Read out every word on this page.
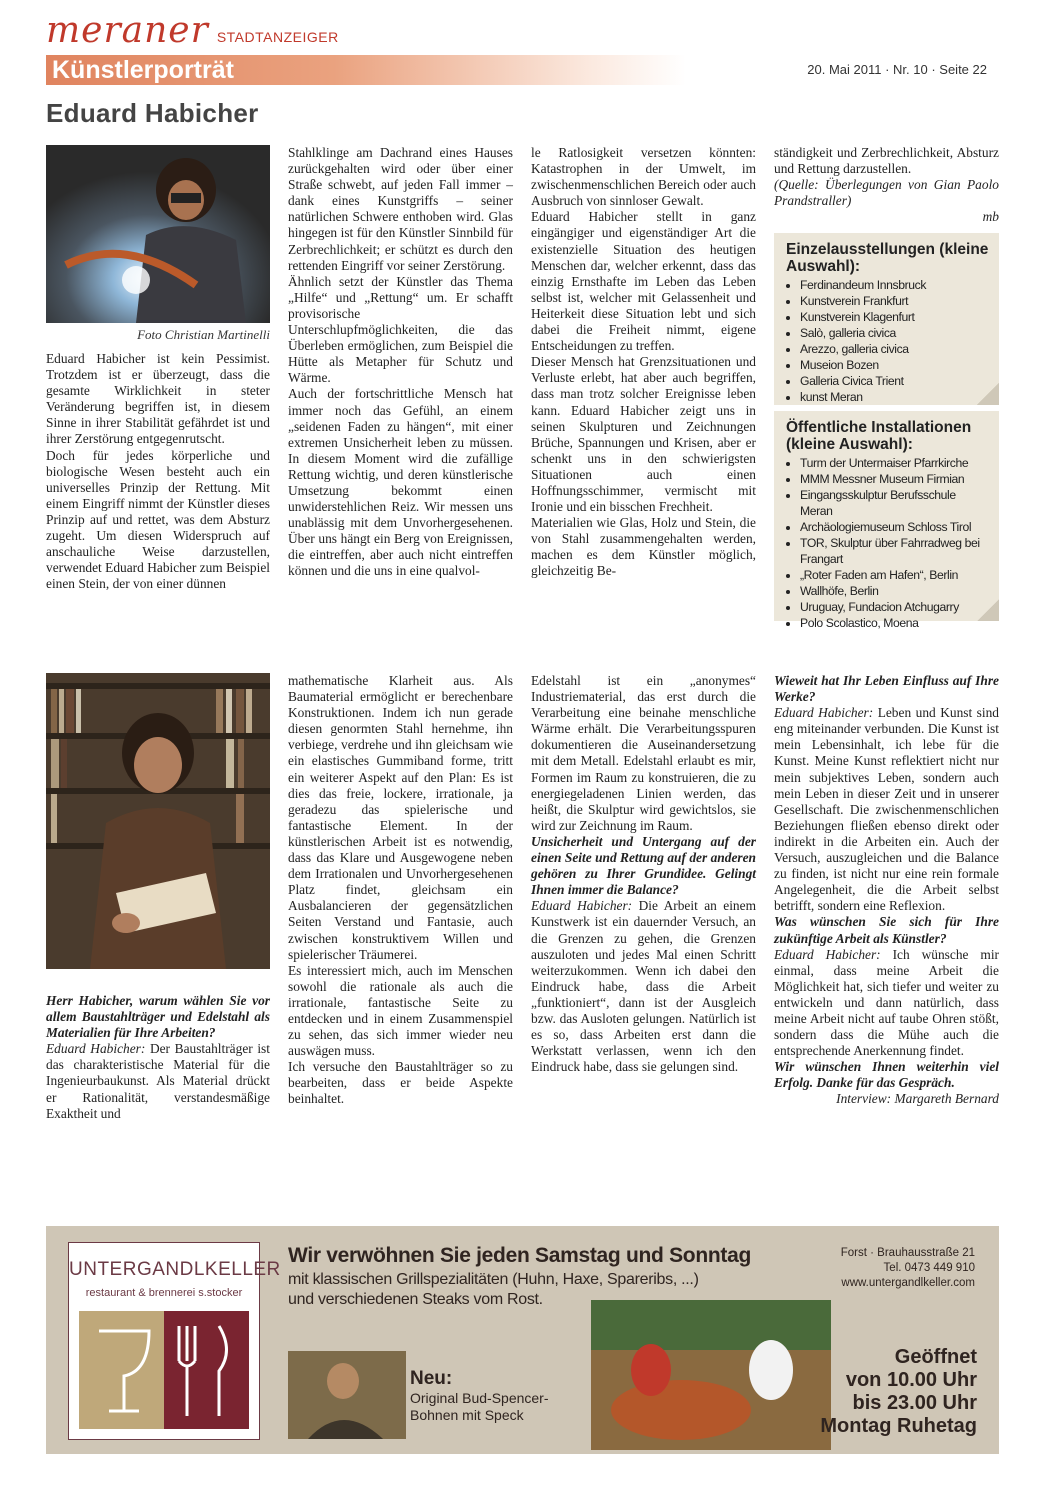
meraner STADTANZEIGER
Künstlerporträt	20. Mai 2011 · Nr. 10 · Seite 22
Eduard Habicher
Foto Christian Martinelli

Eduard Habicher ist kein Pessimist. Trotzdem ist er überzeugt, dass die gesamte Wirklichkeit in steter Veränderung begriffen ist, in diesem Sinne in ihrer Stabilität gefährdet ist und ihrer Zerstörung entgegenrutscht.

Doch für jedes körperliche und biologische Wesen besteht auch ein universelles Prinzip der Rettung. Mit einem Eingriff nimmt der Künstler dieses Prinzip auf und rettet, was dem Absturz zugeht. Um diesen Widerspruch auf anschauliche Weise darzustellen, verwendet Eduard Habicher zum Beispiel einen Stein, der von einer dünnen

Stahlklinge am Dachrand eines Hauses zurückgehalten wird oder über einer Straße schwebt, auf jeden Fall immer – dank eines Kunstgriffs – seiner natürlichen Schwere enthoben wird. Glas hingegen ist für den Künstler Sinnbild für Zerbrechlichkeit; er schützt es durch den rettenden Eingriff vor seiner Zerstörung.

Ähnlich setzt der Künstler das Thema „Hilfe“ und „Rettung“ um. Er schafft provisorische Unterschlupfmöglichkeiten, die das Überleben ermöglichen, zum Beispiel die Hütte als Metapher für Schutz und Wärme.

Auch der fortschrittliche Mensch hat immer noch das Gefühl, an einem „seidenen Faden zu hängen“, mit einer extremen Unsicherheit leben zu müssen. In diesem Moment wird die zufällige Rettung wichtig, und deren künstlerische Umsetzung bekommt einen unwiderstehlichen Reiz. Wir messen uns unablässig mit dem Unvorhergesehenen. Über uns hängt ein Berg von Ereignissen, die eintreffen, aber auch nicht eintreffen können und die uns in eine qualvol-

le Ratlosigkeit versetzen könnten: Katastrophen in der Umwelt, im zwischenmenschlichen Bereich oder auch Ausbruch von sinnloser Gewalt.

Eduard Habicher stellt in ganz eingängiger und eigenständiger Art die existenzielle Situation des heutigen Menschen dar, welcher erkennt, dass das einzig Ernsthafte im Leben das Leben selbst ist, welcher mit Gelassenheit und Heiterkeit diese Situation lebt und sich dabei die Freiheit nimmt, eigene Entscheidungen zu treffen.

Dieser Mensch hat Grenzsituationen und Verluste erlebt, hat aber auch begriffen, dass man trotz solcher Ereignisse leben kann. Eduard Habicher zeigt uns in seinen Skulpturen und Zeichnungen Brüche, Spannungen und Krisen, aber er schenkt uns in den schwierigsten Situationen auch einen Hoffnungsschimmer, vermischt mit Ironie und ein bisschen Frechheit.

Materialien wie Glas, Holz und Stein, die von Stahl zusammengehalten werden, machen es dem Künstler möglich, gleichzeitig Be-

ständigkeit und Zerbrechlichkeit, Absturz und Rettung darzustellen.

(Quelle: Überlegungen von Gian Paolo Prandstraller)

mb

Einzelausstellungen (kleine Auswahl):
• Ferdinandeum Innsbruck
• Kunstverein Frankfurt
• Kunstverein Klagenfurt
• Salò, galleria civica
• Arezzo, galleria civica
• Museion Bozen
• Galleria Civica Trient
• kunst Meran
Öffentliche Installationen (kleine Auswahl):
• Turm der Untermaiser Pfarrkirche
• MMM Messner Museum Firmian
• Eingangsskulptur Berufsschule Meran
• Archäologiemuseum Schloss Tirol
• TOR, Skulptur über Fahrradweg bei Frangart
• „Roter Faden am Hafen“, Berlin
• Wallhöfe, Berlin
• Uruguay, Fundacion Atchugarry
• Polo Scolastico, Moena

Herr Habicher, warum wählen Sie vor allem Baustahlträger und Edelstahl als Materialien für Ihre Arbeiten?

Eduard Habicher: Der Baustahlträger ist das charakteristische Material für die Ingenieurbaukunst. Als Material drückt er Rationalität, verstandesmäßige Exaktheit und

mathematische Klarheit aus. Als Baumaterial ermöglicht er berechenbare Konstruktionen. Indem ich nun gerade diesen genormten Stahl hernehme, ihn verbiege, verdrehe und ihn gleichsam wie ein elastisches Gummiband forme, tritt ein weiterer Aspekt auf den Plan: Es ist dies das freie, lockere, irrationale, ja geradezu das spielerische und fantastische Element. In der künstlerischen Arbeit ist es notwendig, dass das Klare und Ausgewogene neben dem Irrationalen und Unvorhergesehenen Platz findet, gleichsam ein Ausbalancieren der gegensätzlichen Seiten Verstand und Fantasie, auch zwischen konstruktivem Willen und spielerischer Träumerei.

Es interessiert mich, auch im Menschen sowohl die rationale als auch die irrationale, fantastische Seite zu entdecken und in einem Zusammenspiel zu sehen, das sich immer wieder neu auswägen muss.

Ich versuche den Baustahlträger so zu bearbeiten, dass er beide Aspekte beinhaltet.

Edelstahl ist ein „anonymes“ Industriematerial, das erst durch die Verarbeitung eine beinahe menschliche Wärme erhält. Die Verarbeitungsspuren dokumentieren die Auseinandersetzung mit dem Metall. Edelstahl erlaubt es mir, Formen im Raum zu konstruieren, die zu energiegeladenen Linien werden, das heißt, die Skulptur wird gewichtslos, sie wird zur Zeichnung im Raum.

Unsicherheit und Untergang auf der einen Seite und Rettung auf der anderen gehören zu Ihrer Grundidee. Gelingt Ihnen immer die Balance?

Eduard Habicher: Die Arbeit an einem Kunstwerk ist ein dauernder Versuch, an die Grenzen zu gehen, die Grenzen auszuloten und jedes Mal einen Schritt weiterzukommen. Wenn ich dabei den Eindruck habe, dass die Arbeit „funktioniert“, dann ist der Ausgleich bzw. das Ausloten gelungen. Natürlich ist es so, dass Arbeiten erst dann die Werkstatt verlassen, wenn ich den Eindruck habe, dass sie gelungen sind.

Wieweit hat Ihr Leben Einfluss auf Ihre Werke?

Eduard Habicher: Leben und Kunst sind eng miteinander verbunden. Die Kunst ist mein Lebensinhalt, ich lebe für die Kunst. Meine Kunst reflektiert nicht nur mein subjektives Leben, sondern auch mein Leben in dieser Zeit und in unserer Gesellschaft. Die zwischenmenschlichen Beziehungen fließen ebenso direkt oder indirekt in die Arbeiten ein. Auch der Versuch, auszugleichen und die Balance zu finden, ist nicht nur eine rein formale Angelegenheit, die die Arbeit selbst betrifft, sondern eine Reflexion.

Was wünschen Sie sich für Ihre zukünftige Arbeit als Künstler?

Eduard Habicher: Ich wünsche mir einmal, dass meine Arbeit die Möglichkeit hat, sich tiefer und weiter zu entwickeln und dann natürlich, dass meine Arbeit nicht auf taube Ohren stößt, sondern dass die Mühe auch die entsprechende Anerkennung findet.

Wir wünschen Ihnen weiterhin viel Erfolg. Danke für das Gespräch.

Interview: Margareth Bernard

UNTERGANDLKELLER
restaurant & brennerei s.stocker
Wir verwöhnen Sie jeden Samstag und Sonntag
mit klassischen Grillspezialitäten (Huhn, Haxe, Spareribs, ...)
und verschiedenen Steaks vom Rost.
Forst · Brauhausstraße 21
Tel. 0473 449 910
www.untergandlkeller.com
Neu:
Original Bud-Spencer-
Bohnen mit Speck
Geöffnet
von 10.00 Uhr
bis 23.00 Uhr
Montag Ruhetag
